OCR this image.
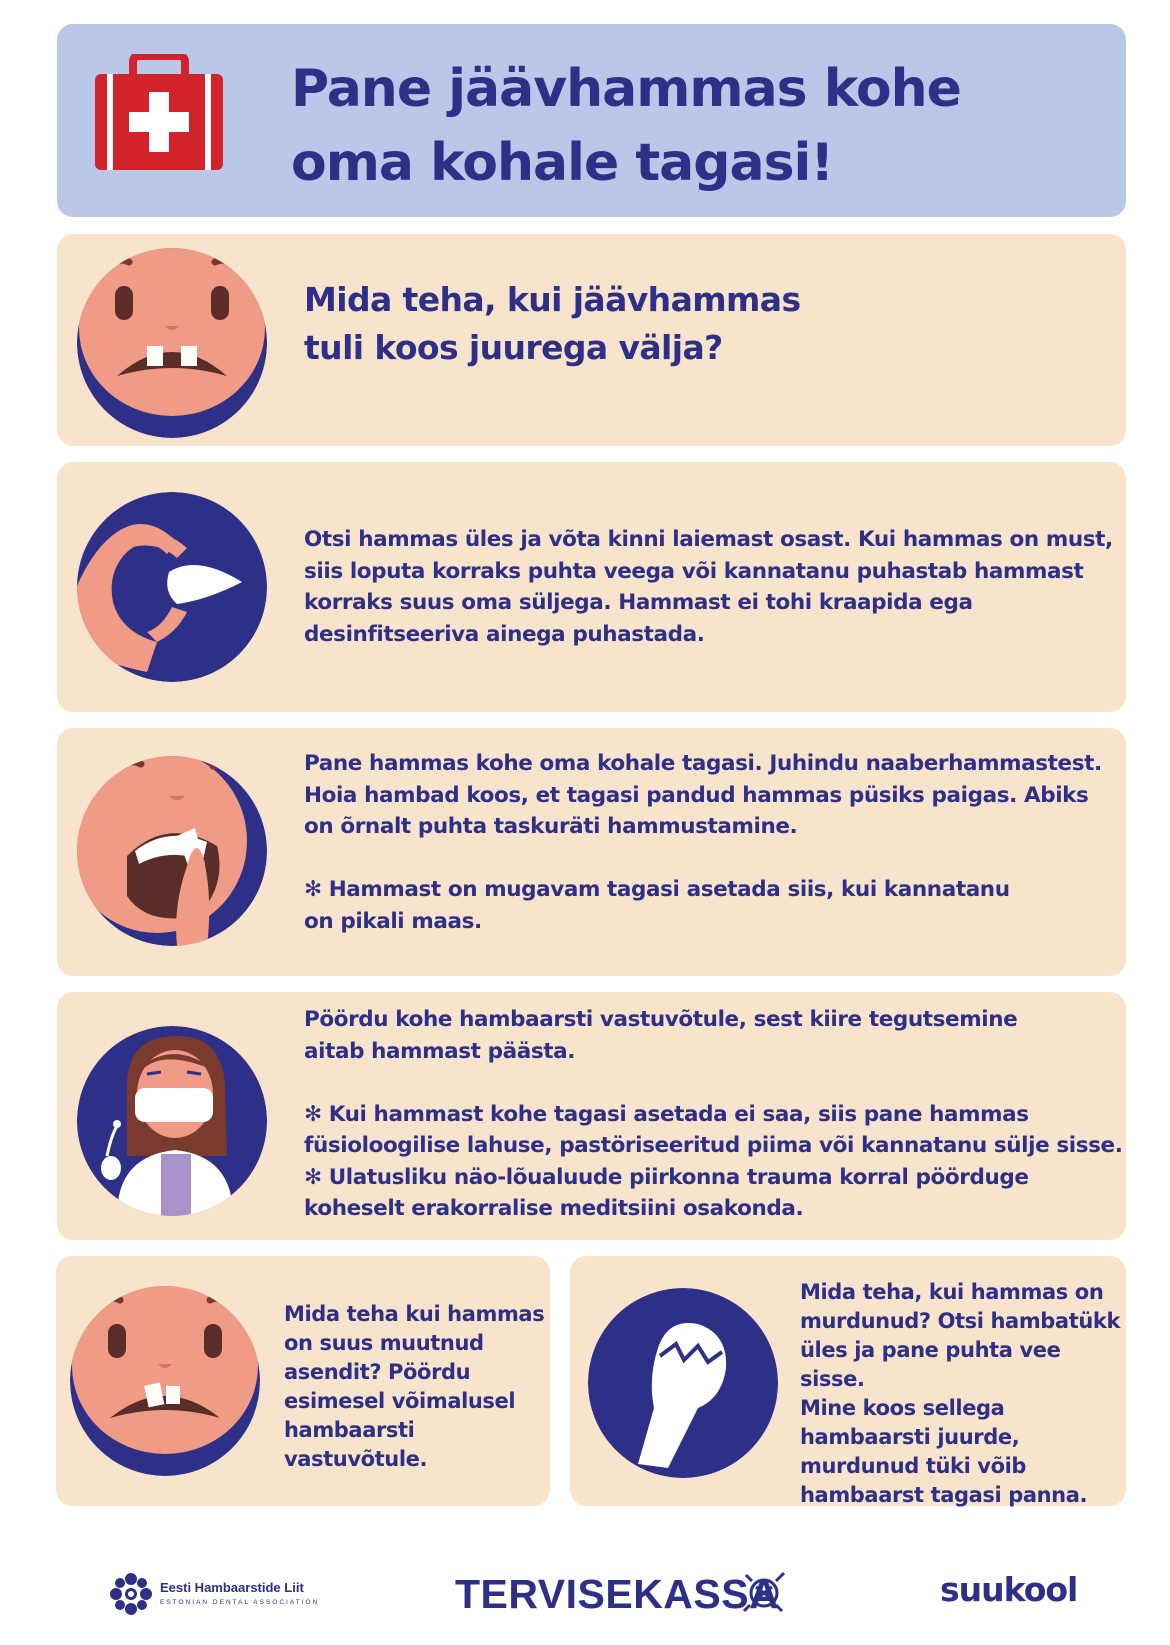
Pane jäävhammas kohe
oma kohale tagasi!
Mida teha, kui jäävhammas
tuli koos juurega välja?
Otsi hammas üles ja võta kinni laiemast osast. Kui hammas on must,
siis loputa korraks puhta veega või kannatanu puhastab hammast
korraks suus oma süljega. Hammast ei tohi kraapida ega
desinfitseeriva ainega puhastada.
Pane hammas kohe oma kohale tagasi. Juhindu naaberhammastest.
Hoia hambad koos, et tagasi pandud hammas püsiks paigas. Abiks
on õrnalt puhta taskuräti hammustamine.

✻ Hammast on mugavam tagasi asetada siis, kui kannatanu
on pikali maas.
Pöördu kohe hambaarsti vastuvõtule, sest kiire tegutsemine
aitab hammast päästa.

✻ Kui hammast kohe tagasi asetada ei saa, siis pane hammas
füsioloogilise lahuse, pastöriseeritud piima või kannatanu sülje sisse.
✻ Ulatusliku näo-lõualuude piirkonna trauma korral pöörduge
koheselt erakorralise meditsiini osakonda.
Mida teha kui hammas
on suus muutnud
asendit? Pöördu
esimesel võimalusel
hambaarsti vastuvõtule.
Mida teha, kui hammas on
murdunud? Otsi hambatükk
üles ja pane puhta vee sisse.
Mine koos sellega
hambaarsti juurde,
murdunud tüki võib
hambaarst tagasi panna.
Eesti Hambaarstide Liit
ESTONIAN DENTAL ASSOCIATION	TERVISEKASSA	suukool
